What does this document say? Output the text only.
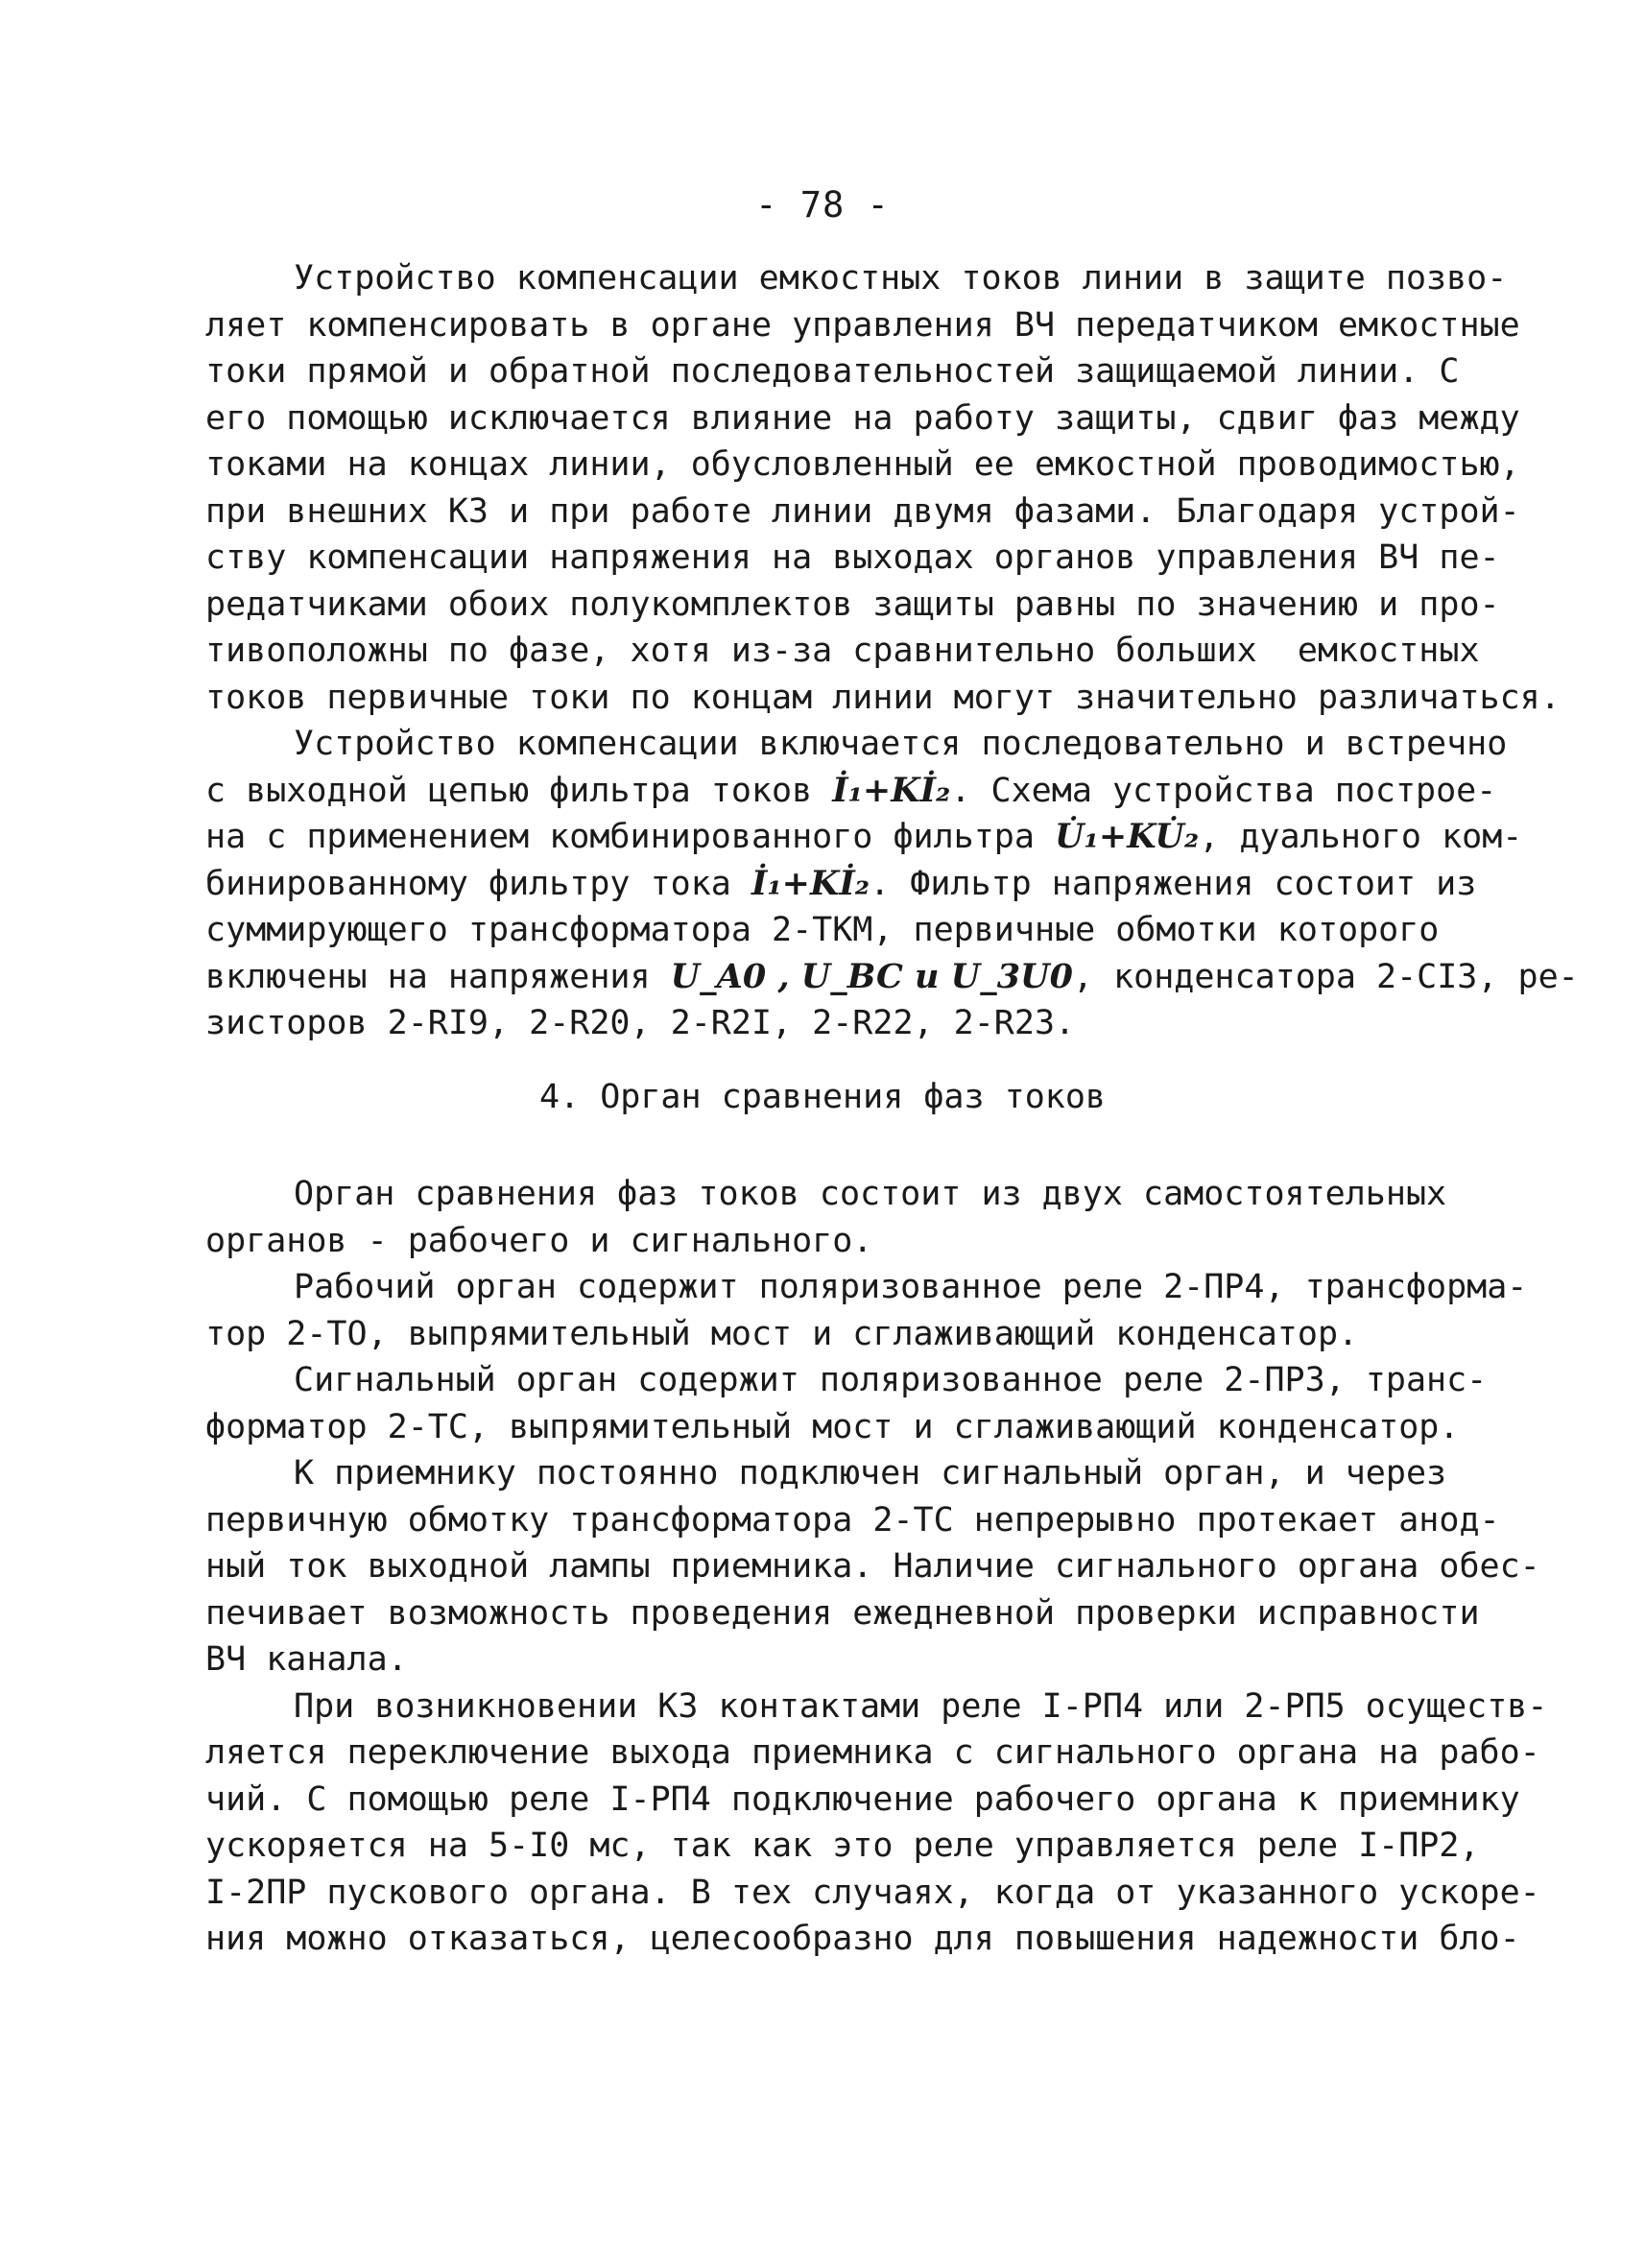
- 78 -
Устройство компенсации емкостных токов линии в защите позво-
ляет компенсировать в органе управления ВЧ передатчиком емкостные
токи прямой и обратной последовательностей защищаемой линии. С
его помощью исключается влияние на работу защиты, сдвиг фаз между
токами на концах линии, обусловленный ее емкостной проводимостью,
при внешних КЗ и при работе линии двумя фазами. Благодаря устрой-
ству компенсации напряжения на выходах органов управления ВЧ пе-
редатчиками обоих полукомплектов защиты равны по значению и про-
тивоположны по фазе, хотя из-за сравнительно больших  емкостных
токов первичные токи по концам линии могут значительно различаться.
Устройство компенсации включается последовательно и встречно
с выходной цепью фильтра токов İ₁+Kİ₂. Схема устройства построе-
на с применением комбинированного фильтра U̇₁+KU̇₂, дуального ком-
бинированному фильтру тока İ₁+Kİ₂. Фильтр напряжения состоит из
суммирующего трансформатора 2-ТКМ, первичные обмотки которого
включены на напряжения U_A0 , U_BC и U_3U0, конденсатора 2-СI3, ре-
зисторов 2-RI9, 2-R20, 2-R2I, 2-R22, 2-R23.
4. Орган сравнения фаз токов
Орган сравнения фаз токов состоит из двух самостоятельных
органов - рабочего и сигнального.
Рабочий орган содержит поляризованное реле 2-ПР4, трансформа-
тор 2-ТО, выпрямительный мост и сглаживающий конденсатор.
Сигнальный орган содержит поляризованное реле 2-ПР3, транс-
форматор 2-ТС, выпрямительный мост и сглаживающий конденсатор.
К приемнику постоянно подключен сигнальный орган, и через
первичную обмотку трансформатора 2-ТС непрерывно протекает анод-
ный ток выходной лампы приемника. Наличие сигнального органа обес-
печивает возможность проведения ежедневной проверки исправности
ВЧ канала.
При возникновении КЗ контактами реле I-РП4 или 2-РП5 осуществ-
ляется переключение выхода приемника с сигнального органа на рабо-
чий. С помощью реле I-РП4 подключение рабочего органа к приемнику
ускоряется на 5-I0 мс, так как это реле управляется реле I-ПР2,
I-2ПР пускового органа. В тех случаях, когда от указанного ускоре-
ния можно отказаться, целесообразно для повышения надежности бло-
